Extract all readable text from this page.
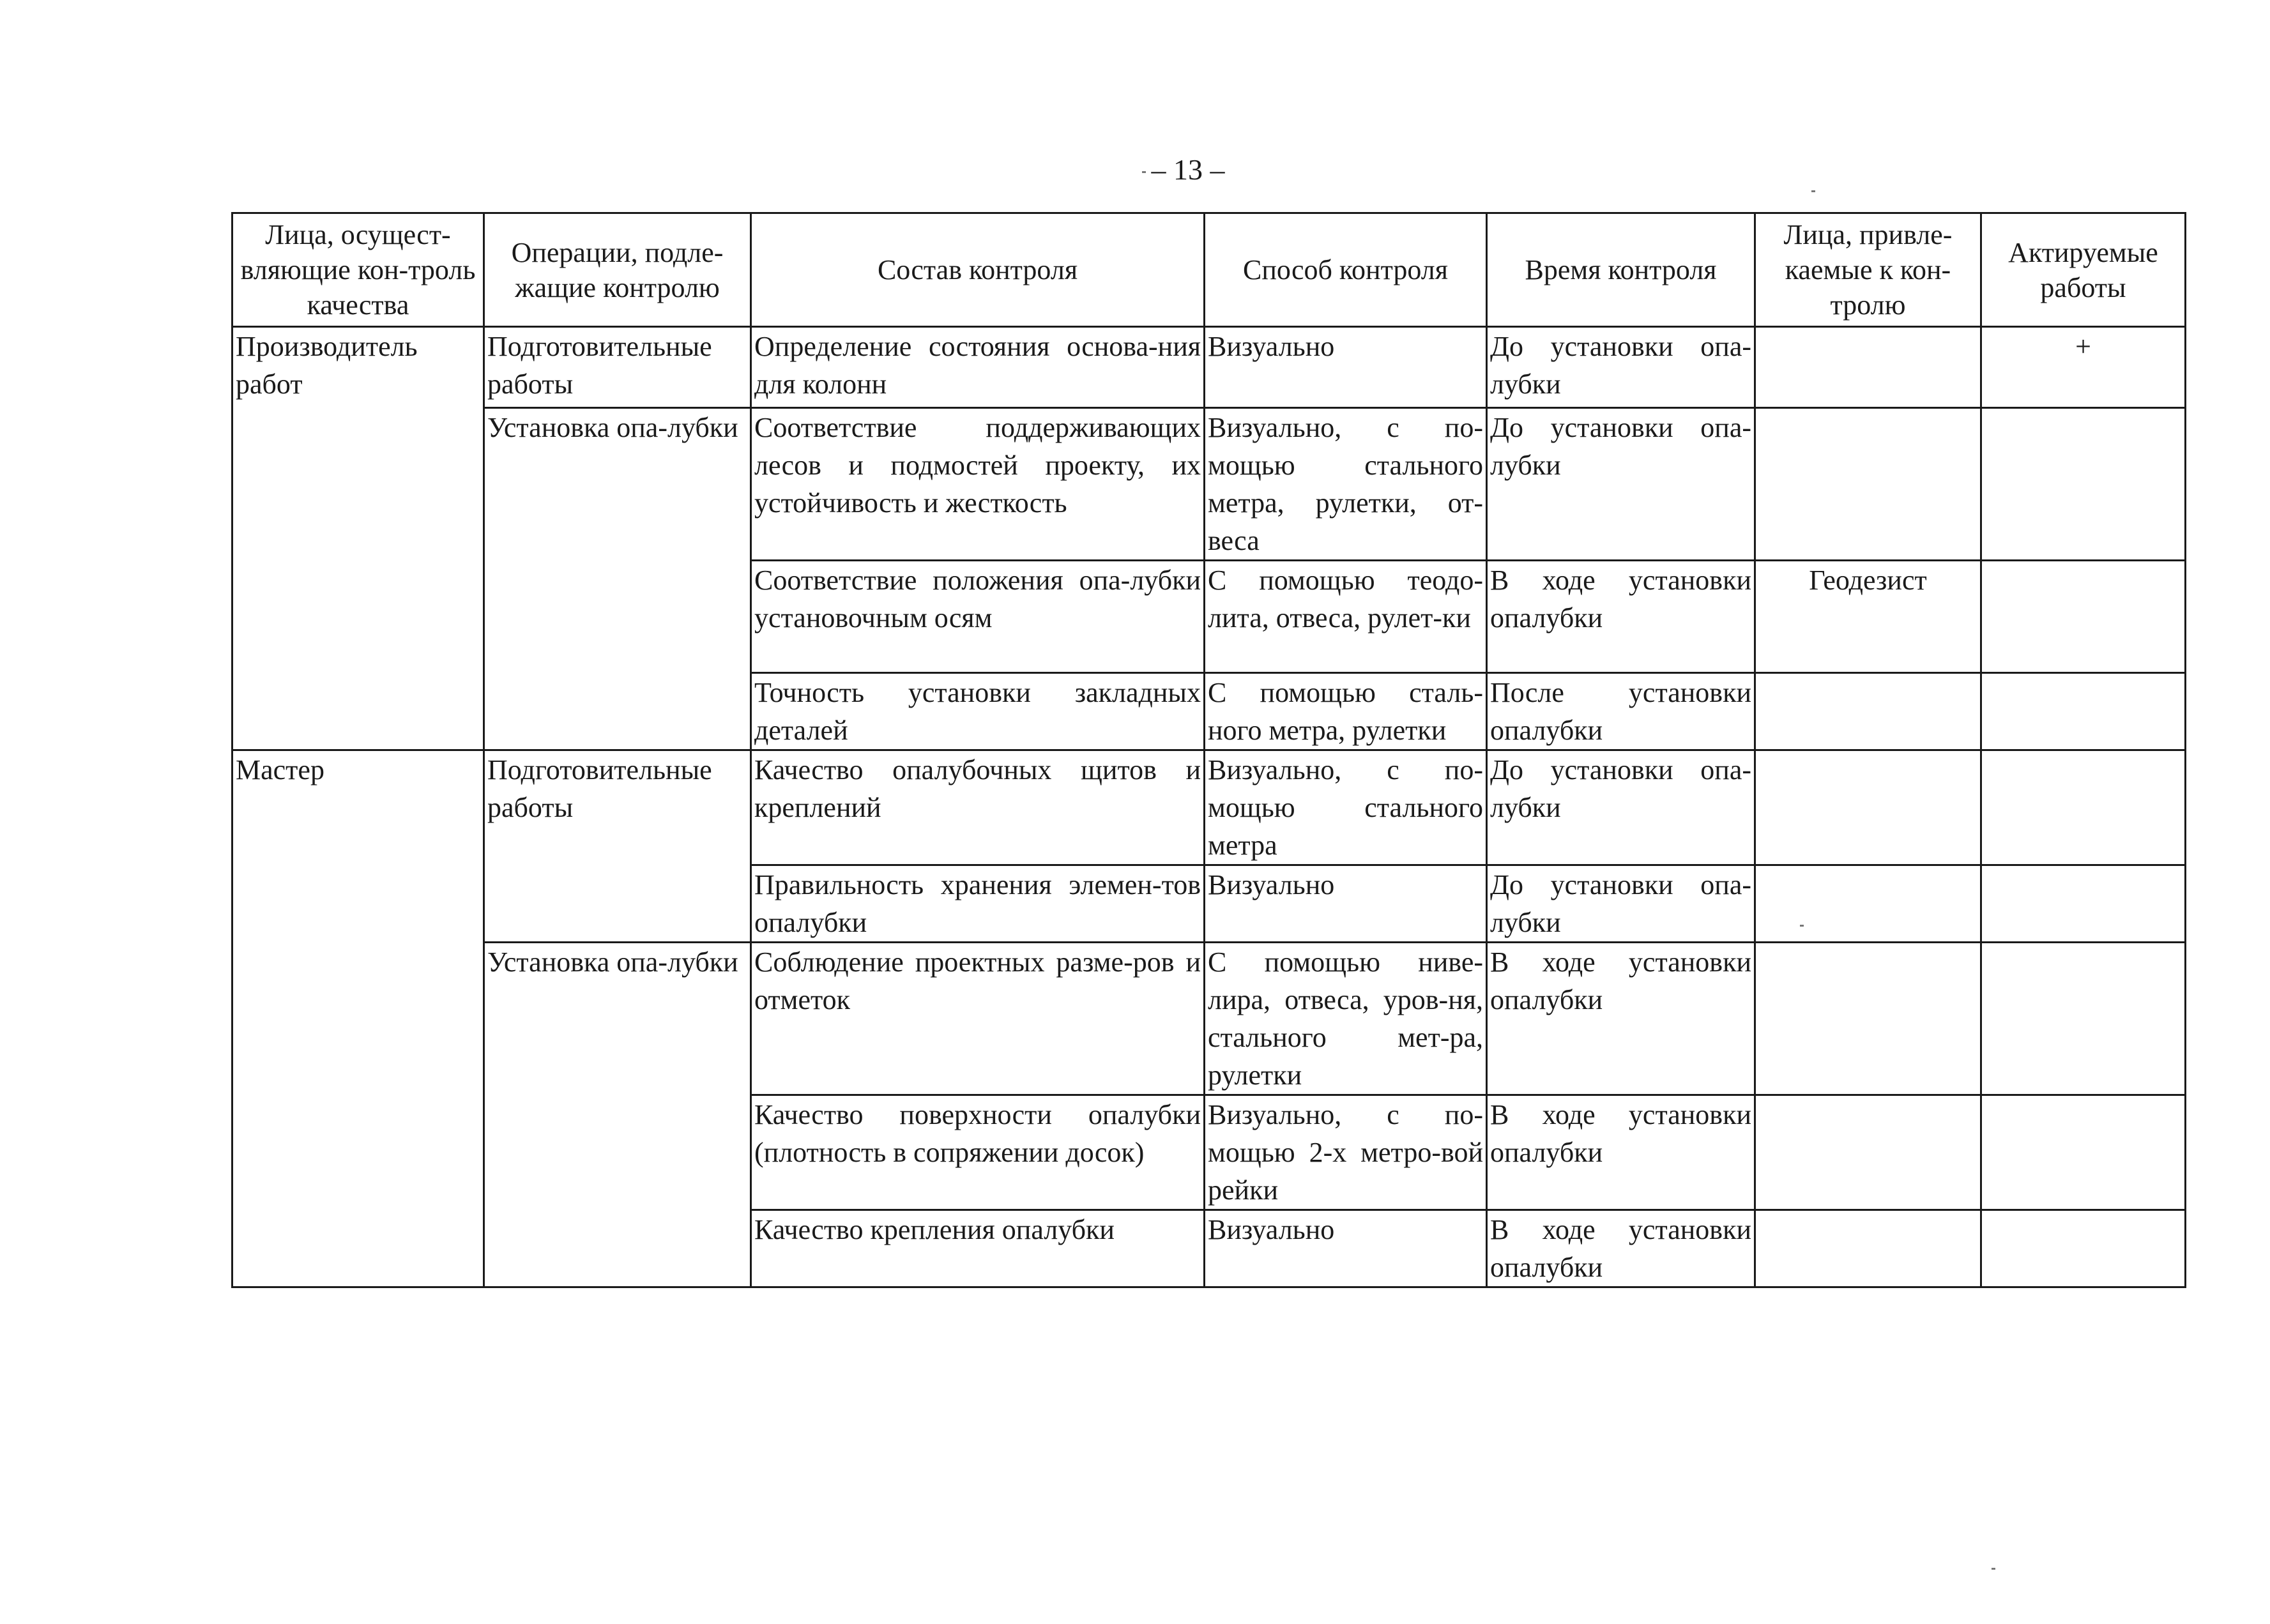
– 13 –
Лица, осущест-вляющие кон-троль качества	Операции, подле-жащие контролю	Состав контроля	Способ контроля	Время контроля	Лица, привле-каемые к кон-тролю	Актируемые работы
Производитель работ	Подготовительные работы	Определение состояния основа-ния для колонн	Визуально	До установки опа-лубки		+
	Установка опа-лубки	Соответствие поддерживающих лесов и подмостей проекту, их устойчивость и жесткость	Визуально, с по-мощью стального метра, рулетки, от-веса	До установки опа-лубки		
		Соответствие положения опа-лубки установочным осям	С помощью теодо-лита, отвеса, рулет-ки	В ходе установки опалубки	Геодезист	
		Точность установки закладных деталей	С помощью сталь-ного метра, рулетки	После установки опалубки		
Мастер	Подготовительные работы	Качество опалубочных щитов и креплений	Визуально, с по-мощью стального метра	До установки опа-лубки		
		Правильность хранения элемен-тов опалубки	Визуально	До установки опа-лубки		
	Установка опа-лубки	Соблюдение проектных разме-ров и отметок	С помощью ниве-лира, отвеса, уров-ня, стального мет-ра, рулетки	В ходе установки опалубки		
		Качество поверхности опалубки (плотность в сопряжении досок)	Визуально, с по-мощью 2-х метро-вой рейки	В ходе установки опалубки		
		Качество крепления опалубки	Визуально	В ходе установки опалубки		
